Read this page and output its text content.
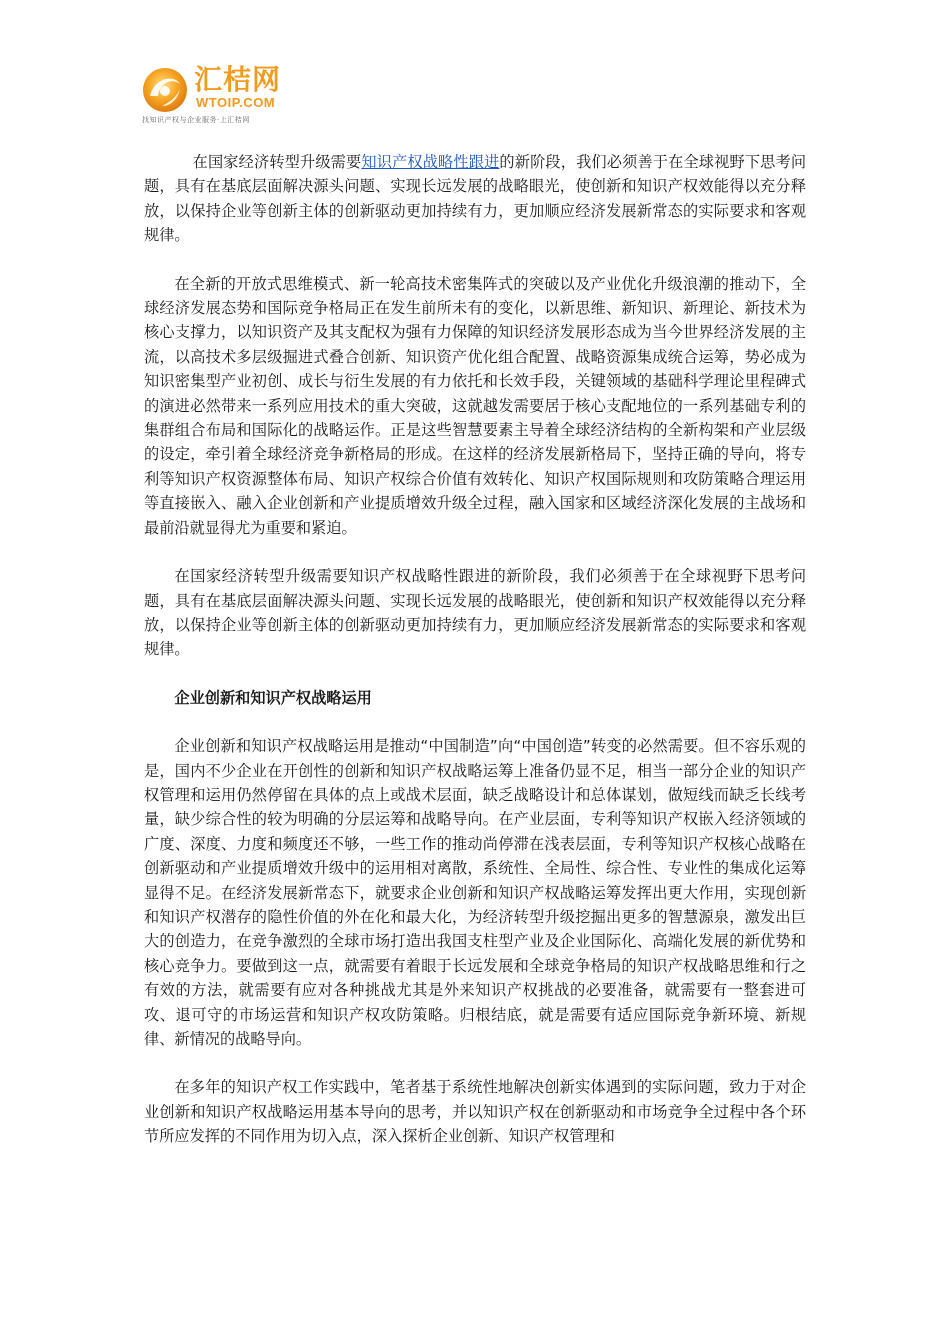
汇桔网
WTOIP.COM
找知识产权与企业服务·上汇桔网

在国家经济转型升级需要知识产权战略性跟进的新阶段，我们必须善于在全球视野下思考问题，具有在基底层面解决源头问题、实现长远发展的战略眼光，使创新和知识产权效能得以充分释放，以保持企业等创新主体的创新驱动更加持续有力，更加顺应经济发展新常态的实际要求和客观规律。

在全新的开放式思维模式、新一轮高技术密集阵式的突破以及产业优化升级浪潮的推动下，全球经济发展态势和国际竞争格局正在发生前所未有的变化，以新思维、新知识、新理论、新技术为核心支撑力，以知识资产及其支配权为强有力保障的知识经济发展形态成为当今世界经济发展的主流，以高技术多层级掘进式叠合创新、知识资产优化组合配置、战略资源集成统合运筹，势必成为知识密集型产业初创、成长与衍生发展的有力依托和长效手段，关键领域的基础科学理论里程碑式的演进必然带来一系列应用技术的重大突破，这就越发需要居于核心支配地位的一系列基础专利的集群组合布局和国际化的战略运作。正是这些智慧要素主导着全球经济结构的全新构架和产业层级的设定，牵引着全球经济竞争新格局的形成。在这样的经济发展新格局下，坚持正确的导向，将专利等知识产权资源整体布局、知识产权综合价值有效转化、知识产权国际规则和攻防策略合理运用等直接嵌入、融入企业创新和产业提质增效升级全过程，融入国家和区域经济深化发展的主战场和最前沿就显得尤为重要和紧迫。

在国家经济转型升级需要知识产权战略性跟进的新阶段，我们必须善于在全球视野下思考问题，具有在基底层面解决源头问题、实现长远发展的战略眼光，使创新和知识产权效能得以充分释放，以保持企业等创新主体的创新驱动更加持续有力，更加顺应经济发展新常态的实际要求和客观规律。

企业创新和知识产权战略运用

企业创新和知识产权战略运用是推动“中国制造”向“中国创造”转变的必然需要。但不容乐观的是，国内不少企业在开创性的创新和知识产权战略运筹上准备仍显不足，相当一部分企业的知识产权管理和运用仍然停留在具体的点上或战术层面，缺乏战略设计和总体谋划，做短线而缺乏长线考量，缺少综合性的较为明确的分层运筹和战略导向。在产业层面，专利等知识产权嵌入经济领域的广度、深度、力度和频度还不够，一些工作的推动尚停滞在浅表层面，专利等知识产权核心战略在创新驱动和产业提质增效升级中的运用相对离散，系统性、全局性、综合性、专业性的集成化运筹显得不足。在经济发展新常态下，就要求企业创新和知识产权战略运筹发挥出更大作用，实现创新和知识产权潜存的隐性价值的外在化和最大化，为经济转型升级挖掘出更多的智慧源泉，激发出巨大的创造力，在竞争激烈的全球市场打造出我国支柱型产业及企业国际化、高端化发展的新优势和核心竞争力。要做到这一点，就需要有着眼于长远发展和全球竞争格局的知识产权战略思维和行之有效的方法，就需要有应对各种挑战尤其是外来知识产权挑战的必要准备，就需要有一整套进可攻、退可守的市场运营和知识产权攻防策略。归根结底，就是需要有适应国际竞争新环境、新规律、新情况的战略导向。

在多年的知识产权工作实践中，笔者基于系统性地解决创新实体遇到的实际问题，致力于对企业创新和知识产权战略运用基本导向的思考，并以知识产权在创新驱动和市场竞争全过程中各个环节所应发挥的不同作用为切入点，深入探析企业创新、知识产权管理和
